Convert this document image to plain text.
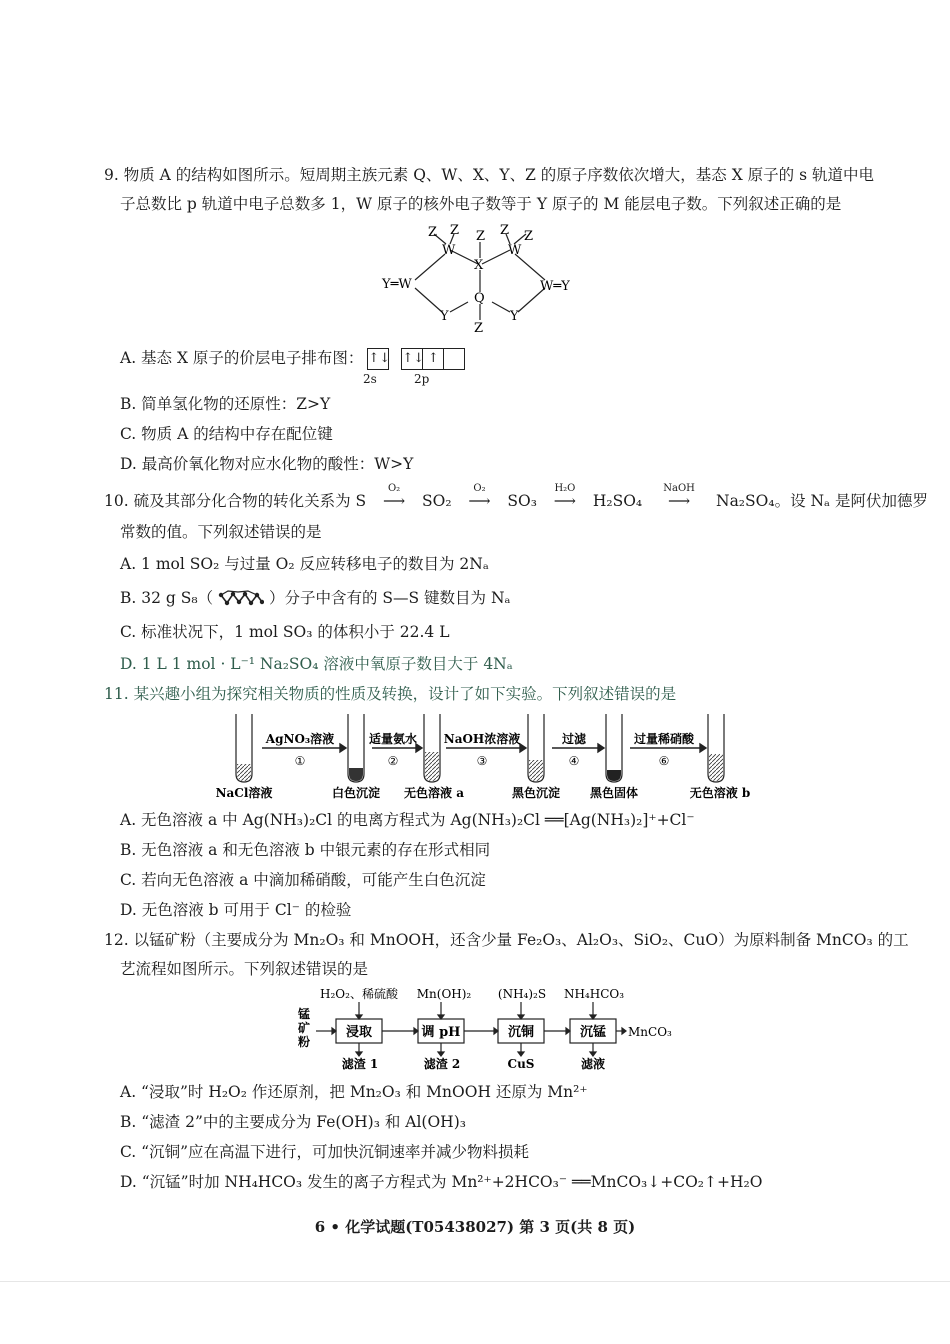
9. 物质 A 的结构如图所示。短周期主族元素 Q、W、X、Y、Z 的原子序数依次增大，基态 X 原子的 s 轨道中电
子总数比 p 轨道中电子总数多 1，W 原子的核外电子数等于 Y 原子的 M 能层电子数。下列叙述正确的是
Z Z Z Z Z
W	W
X
Y═W	W═Y
Q
Y	Y
Z
A. 基态 X 原子的价层电子排布图： ↑↓ ↑↓ ↑
2s	2p
B. 简单氢化物的还原性：Z>Y
C. 物质 A 的结构中存在配位键
D. 最高价氧化物对应水化物的酸性：W>Y
10. 硫及其部分化合物的转化关系为 S
O₂
⟶ SO₂
O₂
⟶ SO₃
H₂O
⟶ H₂SO₄
NaOH
⟶ Na₂SO₄。设 Nₐ 是阿伏加德罗
常数的值。下列叙述错误的是
A. 1 mol SO₂ 与过量 O₂ 反应转移电子的数目为 2Nₐ
B. 32 g S₈（	）分子中含有的 S—S 键数目为 Nₐ
C. 标准状况下，1 mol SO₃ 的体积小于 22.4 L
D. 1 L 1 mol · L⁻¹ Na₂SO₄ 溶液中氧原子数目大于 4Nₐ
11. 某兴趣小组为探究相关物质的性质及转换，设计了如下实验。下列叙述错误的是
AgNO₃溶液	适量氨水 NaOH浓溶液	过滤	过量稀硝酸
①	②	③	④	⑥
NaCl溶液	白色沉淀 无色溶液 a	黑色沉淀 黑色固体	无色溶液 b
A. 无色溶液 a 中 Ag(NH₃)₂Cl 的电离方程式为 Ag(NH₃)₂Cl ══[Ag(NH₃)₂]⁺+Cl⁻
B. 无色溶液 a 和无色溶液 b 中银元素的存在形式相同
C. 若向无色溶液 a 中滴加稀硝酸，可能产生白色沉淀
D. 无色溶液 b 可用于 Cl⁻ 的检验
12. 以锰矿粉（主要成分为 Mn₂O₃ 和 MnOOH，还含少量 Fe₂O₃、Al₂O₃、SiO₂、CuO）为原料制备 MnCO₃ 的工
艺流程如图所示。下列叙述错误的是
锰矿粉
H₂O₂、稀硫酸 Mn(OH)₂ (NH₄)₂S NH₄HCO₃
浸取	调 pH	沉铜	沉锰
滤渣 1	滤渣 2	CuS	滤液
MnCO₃
A. “浸取”时 H₂O₂ 作还原剂，把 Mn₂O₃ 和 MnOOH 还原为 Mn²⁺
B. “滤渣 2”中的主要成分为 Fe(OH)₃ 和 Al(OH)₃
C. “沉铜”应在高温下进行，可加快沉铜速率并减少物料损耗
D. “沉锰”时加 NH₄HCO₃ 发生的离子方程式为 Mn²⁺+2HCO₃⁻ ══MnCO₃↓+CO₂↑+H₂O
6 • 化学试题(T05438027) 第 3 页(共 8 页)
